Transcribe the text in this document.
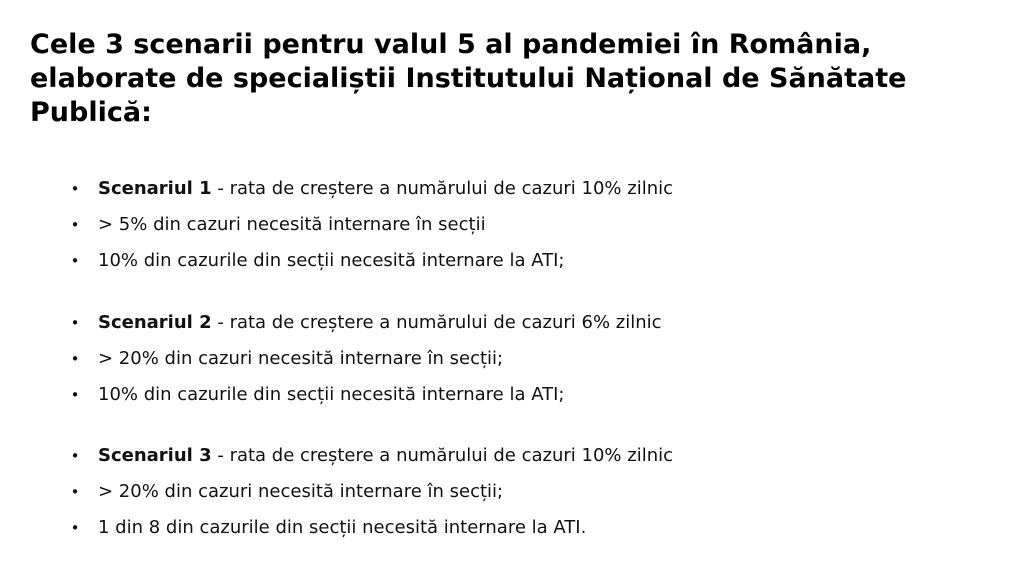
Cele 3 scenarii pentru valul 5 al pandemiei în România, elaborate de specialiștii Institutului Național de Sănătate Publică:
• Scenariul 1 - rata de creștere a numărului de cazuri 10% zilnic
• > 5% din cazuri necesită internare în secții
• 10% din cazurile din secții necesită internare la ATI;
• Scenariul 2 - rata de creștere a numărului de cazuri 6% zilnic
• > 20% din cazuri necesită internare în secții;
• 10% din cazurile din secții necesită internare la ATI;
• Scenariul 3 - rata de creștere a numărului de cazuri 10% zilnic
• > 20% din cazuri necesită internare în secții;
• 1 din 8 din cazurile din secții necesită internare la ATI.
